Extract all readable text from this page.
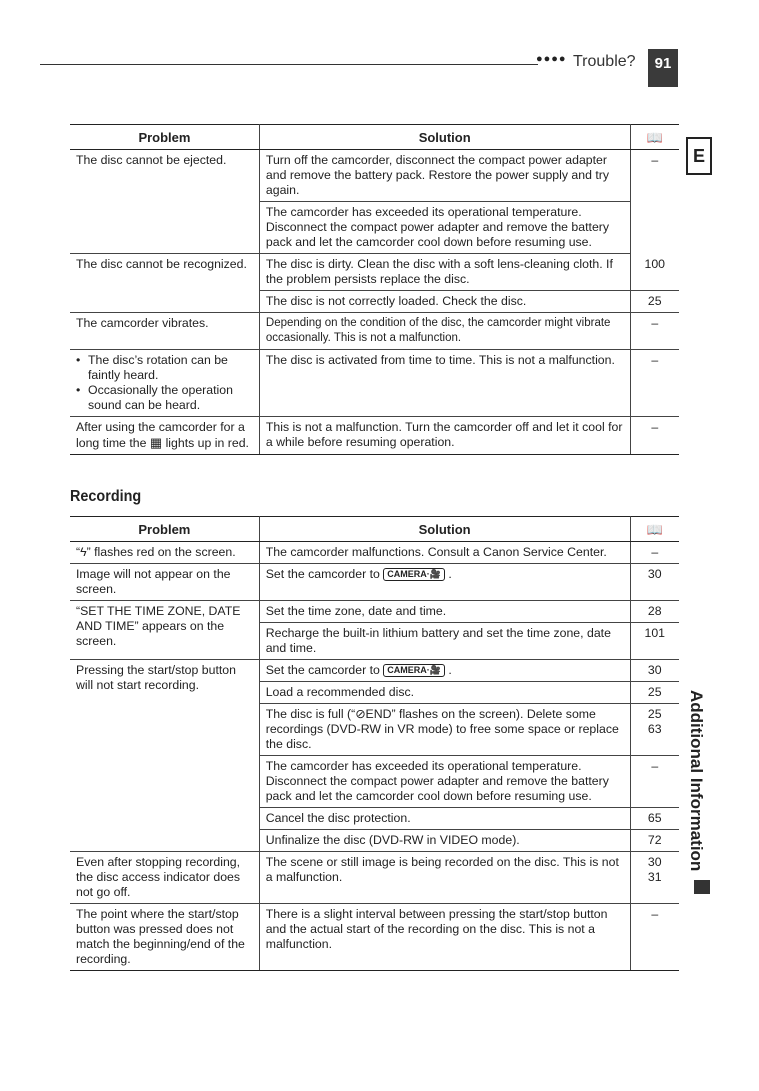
●●●● Trouble?	91
E
Additional Information
Problem	Solution	📖
The disc cannot be ejected.	Turn off the camcorder, disconnect the compact power adapter and remove the battery pack. Restore the power supply and try again.	–
	The camcorder has exceeded its operational temperature. Disconnect the compact power adapter and remove the battery pack and let the camcorder cool down before resuming use.	
The disc cannot be recognized.	The disc is dirty. Clean the disc with a soft lens-cleaning cloth. If the problem persists replace the disc.	100
	The disc is not correctly loaded. Check the disc.	25
The camcorder vibrates.	Depending on the condition of the disc, the camcorder might vibrate occasionally. This is not a malfunction.	–

• The disc’s rotation can be faintly heard.
• Occasionally the operation sound can be heard.	The disc is activated from time to time. This is not a malfunction.	–
After using the camcorder for a long time the ▦ lights up in red.	This is not a malfunction. Turn the camcorder off and let it cool for a while before resuming operation.	–
Recording
Problem	Solution	📖
“ϟ” flashes red on the screen.	The camcorder malfunctions. Consult a Canon Service Center.	–
Image will not appear on the screen.	Set the camcorder to CAMERA·🎥 .	30
“SET THE TIME ZONE, DATE AND TIME” appears on the screen.	Set the time zone, date and time.	28
	Recharge the built-in lithium battery and set the time zone, date and time.	101
Pressing the start/stop button will not start recording.	Set the camcorder to CAMERA·🎥 .	30
	Load a recommended disc.	25
	The disc is full (“⊘END” flashes on the screen). Delete some recordings (DVD-RW in VR mode) to free some space or replace the disc.	25
63

	The camcorder has exceeded its operational temperature. Disconnect the compact power adapter and remove the battery pack and let the camcorder cool down before resuming use.	–
	Cancel the disc protection.	65
	Unfinalize the disc (DVD-RW in VIDEO mode).	72
Even after stopping recording, the disc access indicator does not go off.	The scene or still image is being recorded on the disc. This is not a malfunction.	30
31

The point where the start/stop button was pressed does not match the beginning/end of the recording.	There is a slight interval between pressing the start/stop button and the actual start of the recording on the disc. This is not a malfunction.	–
